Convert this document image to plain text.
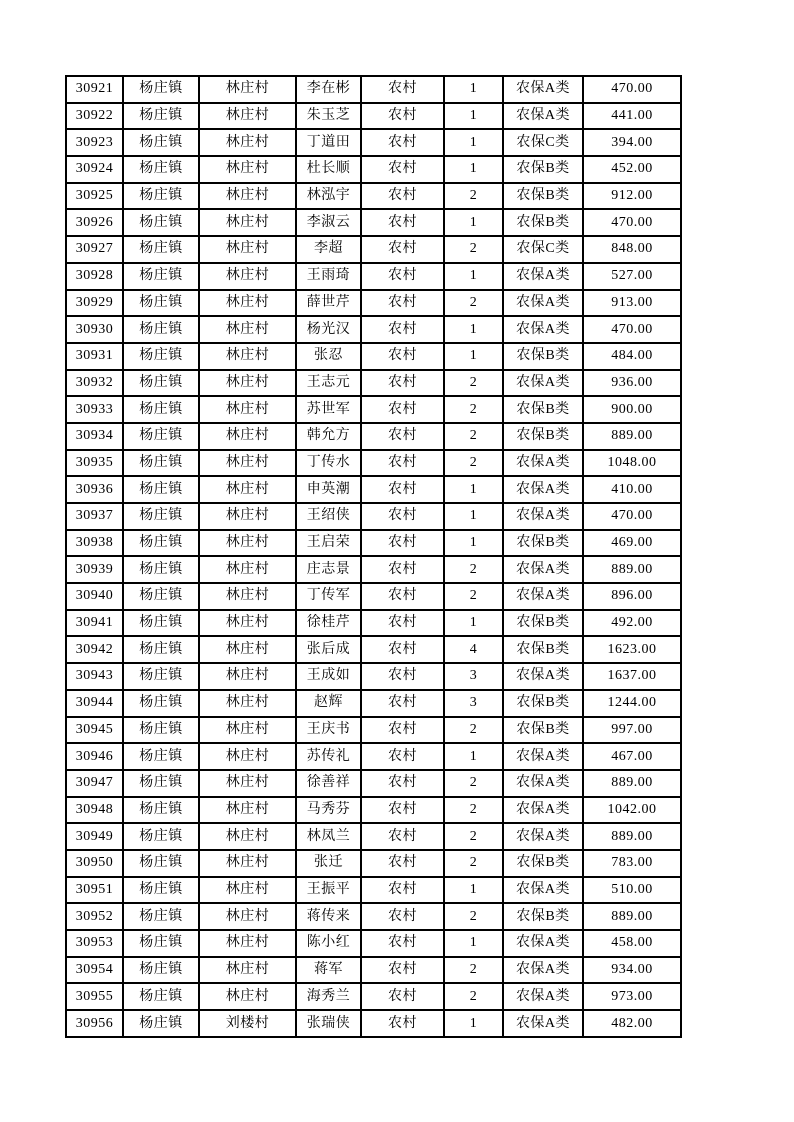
30921	杨庄镇	林庄村	李在彬	农村	1	农保A类	470.00
30922	杨庄镇	林庄村	朱玉芝	农村	1	农保A类	441.00
30923	杨庄镇	林庄村	丁道田	农村	1	农保C类	394.00
30924	杨庄镇	林庄村	杜长顺	农村	1	农保B类	452.00
30925	杨庄镇	林庄村	林泓宇	农村	2	农保B类	912.00
30926	杨庄镇	林庄村	李淑云	农村	1	农保B类	470.00
30927	杨庄镇	林庄村	李超	农村	2	农保C类	848.00
30928	杨庄镇	林庄村	王雨琦	农村	1	农保A类	527.00
30929	杨庄镇	林庄村	薛世芹	农村	2	农保A类	913.00
30930	杨庄镇	林庄村	杨光汉	农村	1	农保A类	470.00
30931	杨庄镇	林庄村	张忍	农村	1	农保B类	484.00
30932	杨庄镇	林庄村	王志元	农村	2	农保A类	936.00
30933	杨庄镇	林庄村	苏世军	农村	2	农保B类	900.00
30934	杨庄镇	林庄村	韩允方	农村	2	农保B类	889.00
30935	杨庄镇	林庄村	丁传水	农村	2	农保A类	1048.00
30936	杨庄镇	林庄村	申英潮	农村	1	农保A类	410.00
30937	杨庄镇	林庄村	王绍侠	农村	1	农保A类	470.00
30938	杨庄镇	林庄村	王启荣	农村	1	农保B类	469.00
30939	杨庄镇	林庄村	庄志景	农村	2	农保A类	889.00
30940	杨庄镇	林庄村	丁传军	农村	2	农保A类	896.00
30941	杨庄镇	林庄村	徐桂芹	农村	1	农保B类	492.00
30942	杨庄镇	林庄村	张后成	农村	4	农保B类	1623.00
30943	杨庄镇	林庄村	王成如	农村	3	农保A类	1637.00
30944	杨庄镇	林庄村	赵辉	农村	3	农保B类	1244.00
30945	杨庄镇	林庄村	王庆书	农村	2	农保B类	997.00
30946	杨庄镇	林庄村	苏传礼	农村	1	农保A类	467.00
30947	杨庄镇	林庄村	徐善祥	农村	2	农保A类	889.00
30948	杨庄镇	林庄村	马秀芬	农村	2	农保A类	1042.00
30949	杨庄镇	林庄村	林凤兰	农村	2	农保A类	889.00
30950	杨庄镇	林庄村	张迁	农村	2	农保B类	783.00
30951	杨庄镇	林庄村	王振平	农村	1	农保A类	510.00
30952	杨庄镇	林庄村	蒋传来	农村	2	农保B类	889.00
30953	杨庄镇	林庄村	陈小红	农村	1	农保A类	458.00
30954	杨庄镇	林庄村	蒋军	农村	2	农保A类	934.00
30955	杨庄镇	林庄村	海秀兰	农村	2	农保A类	973.00
30956	杨庄镇	刘楼村	张瑞侠	农村	1	农保A类	482.00
